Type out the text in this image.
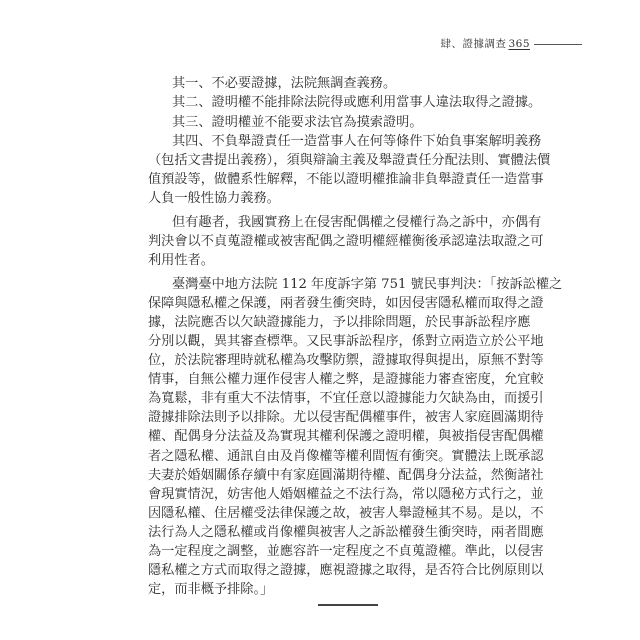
肆、證據調查 365
其一、不必要證據，法院無調查義務。
其二、證明權不能排除法院得或應利用當事人違法取得之證據。
其三、證明權並不能要求法官為摸索證明。
其四、不負舉證責任一造當事人在何等條件下始負事案解明義務
（包括文書提出義務），須與辯論主義及舉證責任分配法則、實體法價
值預設等，做體系性解釋，不能以證明權推論非負舉證責任一造當事
人負一般性協力義務。
但有趣者，我國實務上在侵害配偶權之侵權行為之訴中，亦偶有
判決會以不貞蒐證權或被害配偶之證明權經權衡後承認違法取證之可
利用性者。
臺灣臺中地方法院 112 年度訴字第 751 號民事判決：「按訴訟權之
保障與隱私權之保護，兩者發生衝突時，如因侵害隱私權而取得之證
據，法院應否以欠缺證據能力，予以排除問題，於民事訴訟程序應
分別以觀，異其審查標準。又民事訴訟程序，係對立兩造立於公平地
位，於法院審理時就私權為攻擊防禦，證據取得與提出，原無不對等
情事，自無公權力運作侵害人權之弊，是證據能力審查密度，允宜較
為寬鬆，非有重大不法情事，不宜任意以證據能力欠缺為由，而援引
證據排除法則予以排除。尤以侵害配偶權事件，被害人家庭圓滿期待
權、配偶身分法益及為實現其權利保護之證明權，與被指侵害配偶權
者之隱私權、通訊自由及肖像權等權利間恆有衝突。實體法上既承認
夫妻於婚姻關係存續中有家庭圓滿期待權、配偶身分法益，然衡諸社
會現實情況，妨害他人婚姻權益之不法行為，常以隱秘方式行之，並
因隱私權、住居權受法律保護之故，被害人舉證極其不易。是以，不
法行為人之隱私權或肖像權與被害人之訴訟權發生衝突時，兩者間應
為一定程度之調整，並應容許一定程度之不貞蒐證權。準此，以侵害
隱私權之方式而取得之證據，應視證據之取得，是否符合比例原則以
定，而非概予排除。」
